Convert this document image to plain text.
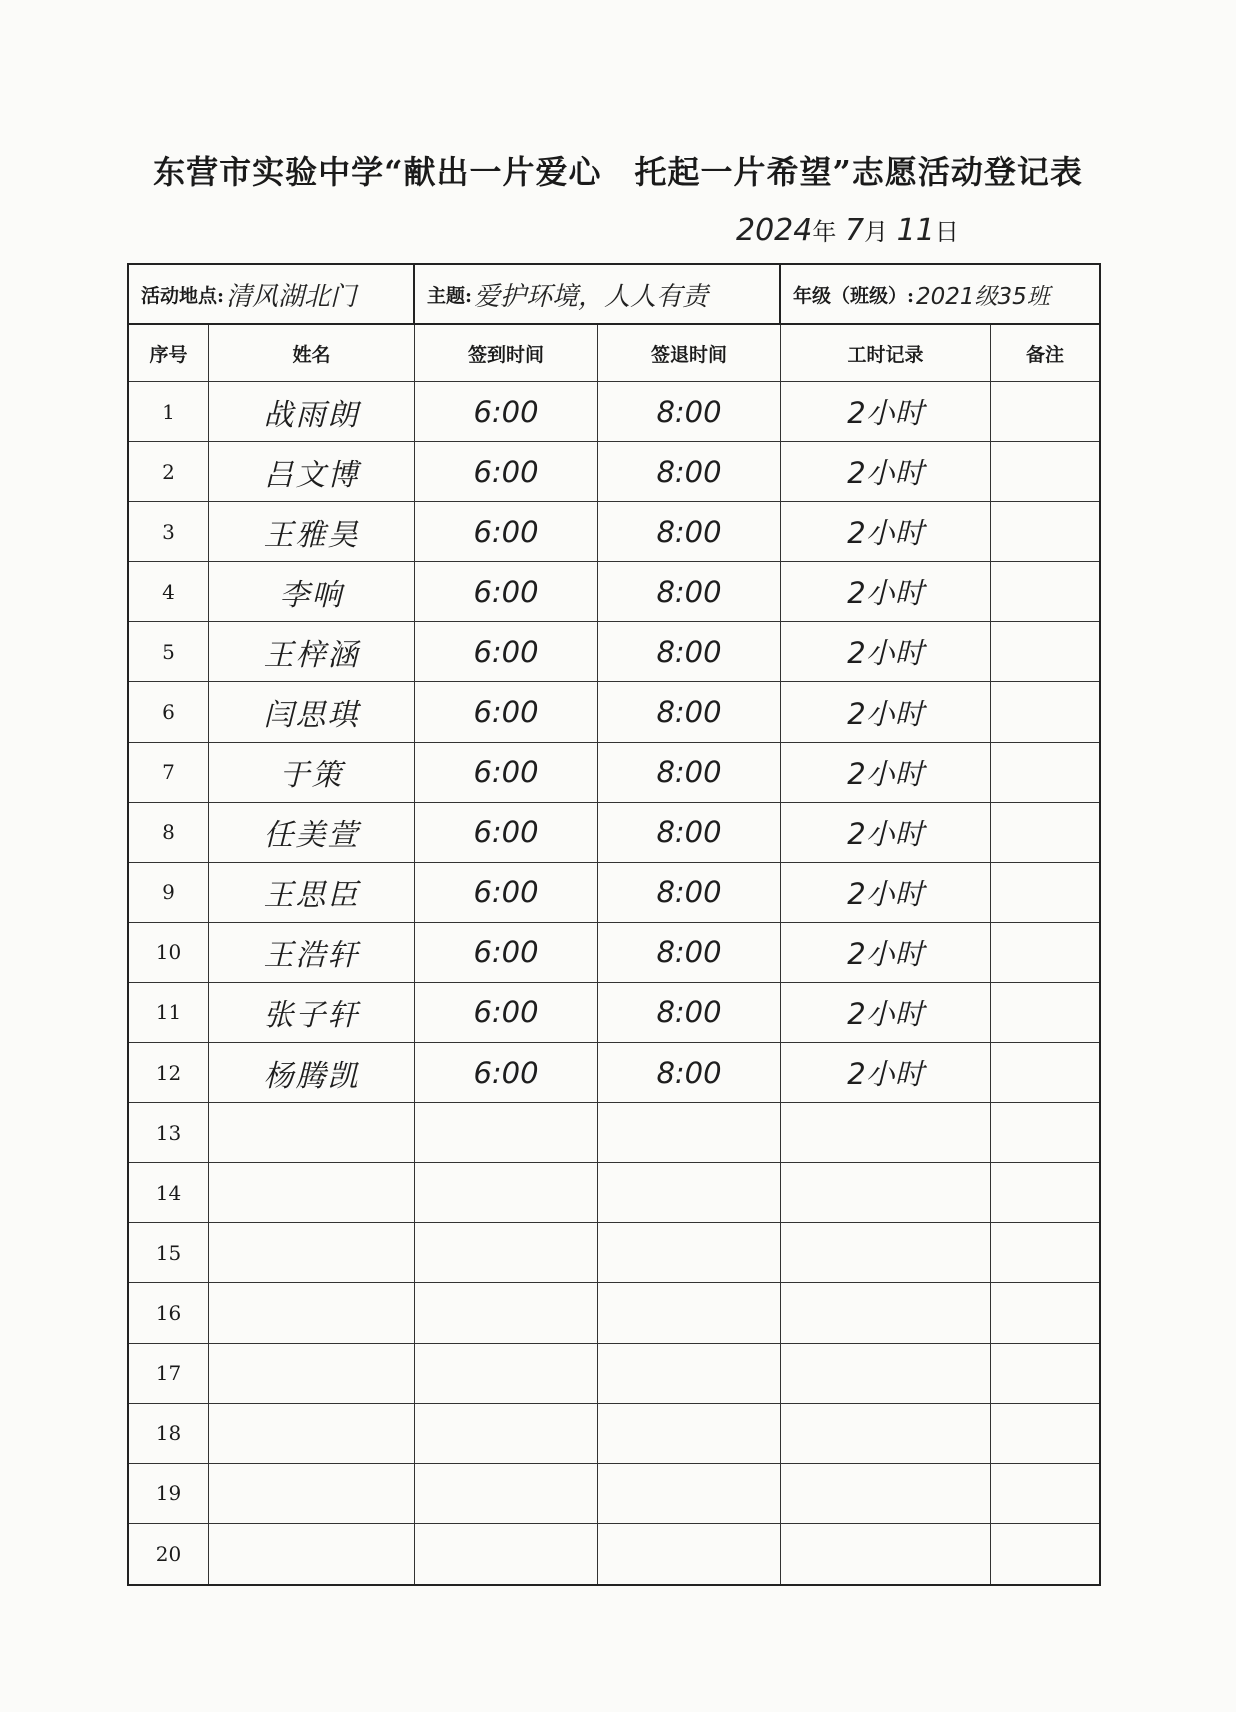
东营市实验中学“献出一片爱心　托起一片希望”志愿活动登记表
2024年 7月 11日
活动地点: 清风湖北门	主题: 爱护环境，人人有责	年级（班级）: 2021级35班
序号	姓名	签到时间	签退时间	工时记录	备注
1	战雨朗	6:00	8:00	2小时
2	吕文博	6:00	8:00	2小时
3	王雅昊	6:00	8:00	2小时
4	李响	6:00	8:00	2小时
5	王梓涵	6:00	8:00	2小时
6	闫思琪	6:00	8:00	2小时
7	于策	6:00	8:00	2小时
8	任美萱	6:00	8:00	2小时
9	王思臣	6:00	8:00	2小时
10	王浩轩	6:00	8:00	2小时
11	张子轩	6:00	8:00	2小时
12	杨腾凯	6:00	8:00	2小时
13
14
15
16
17
18
19
20
